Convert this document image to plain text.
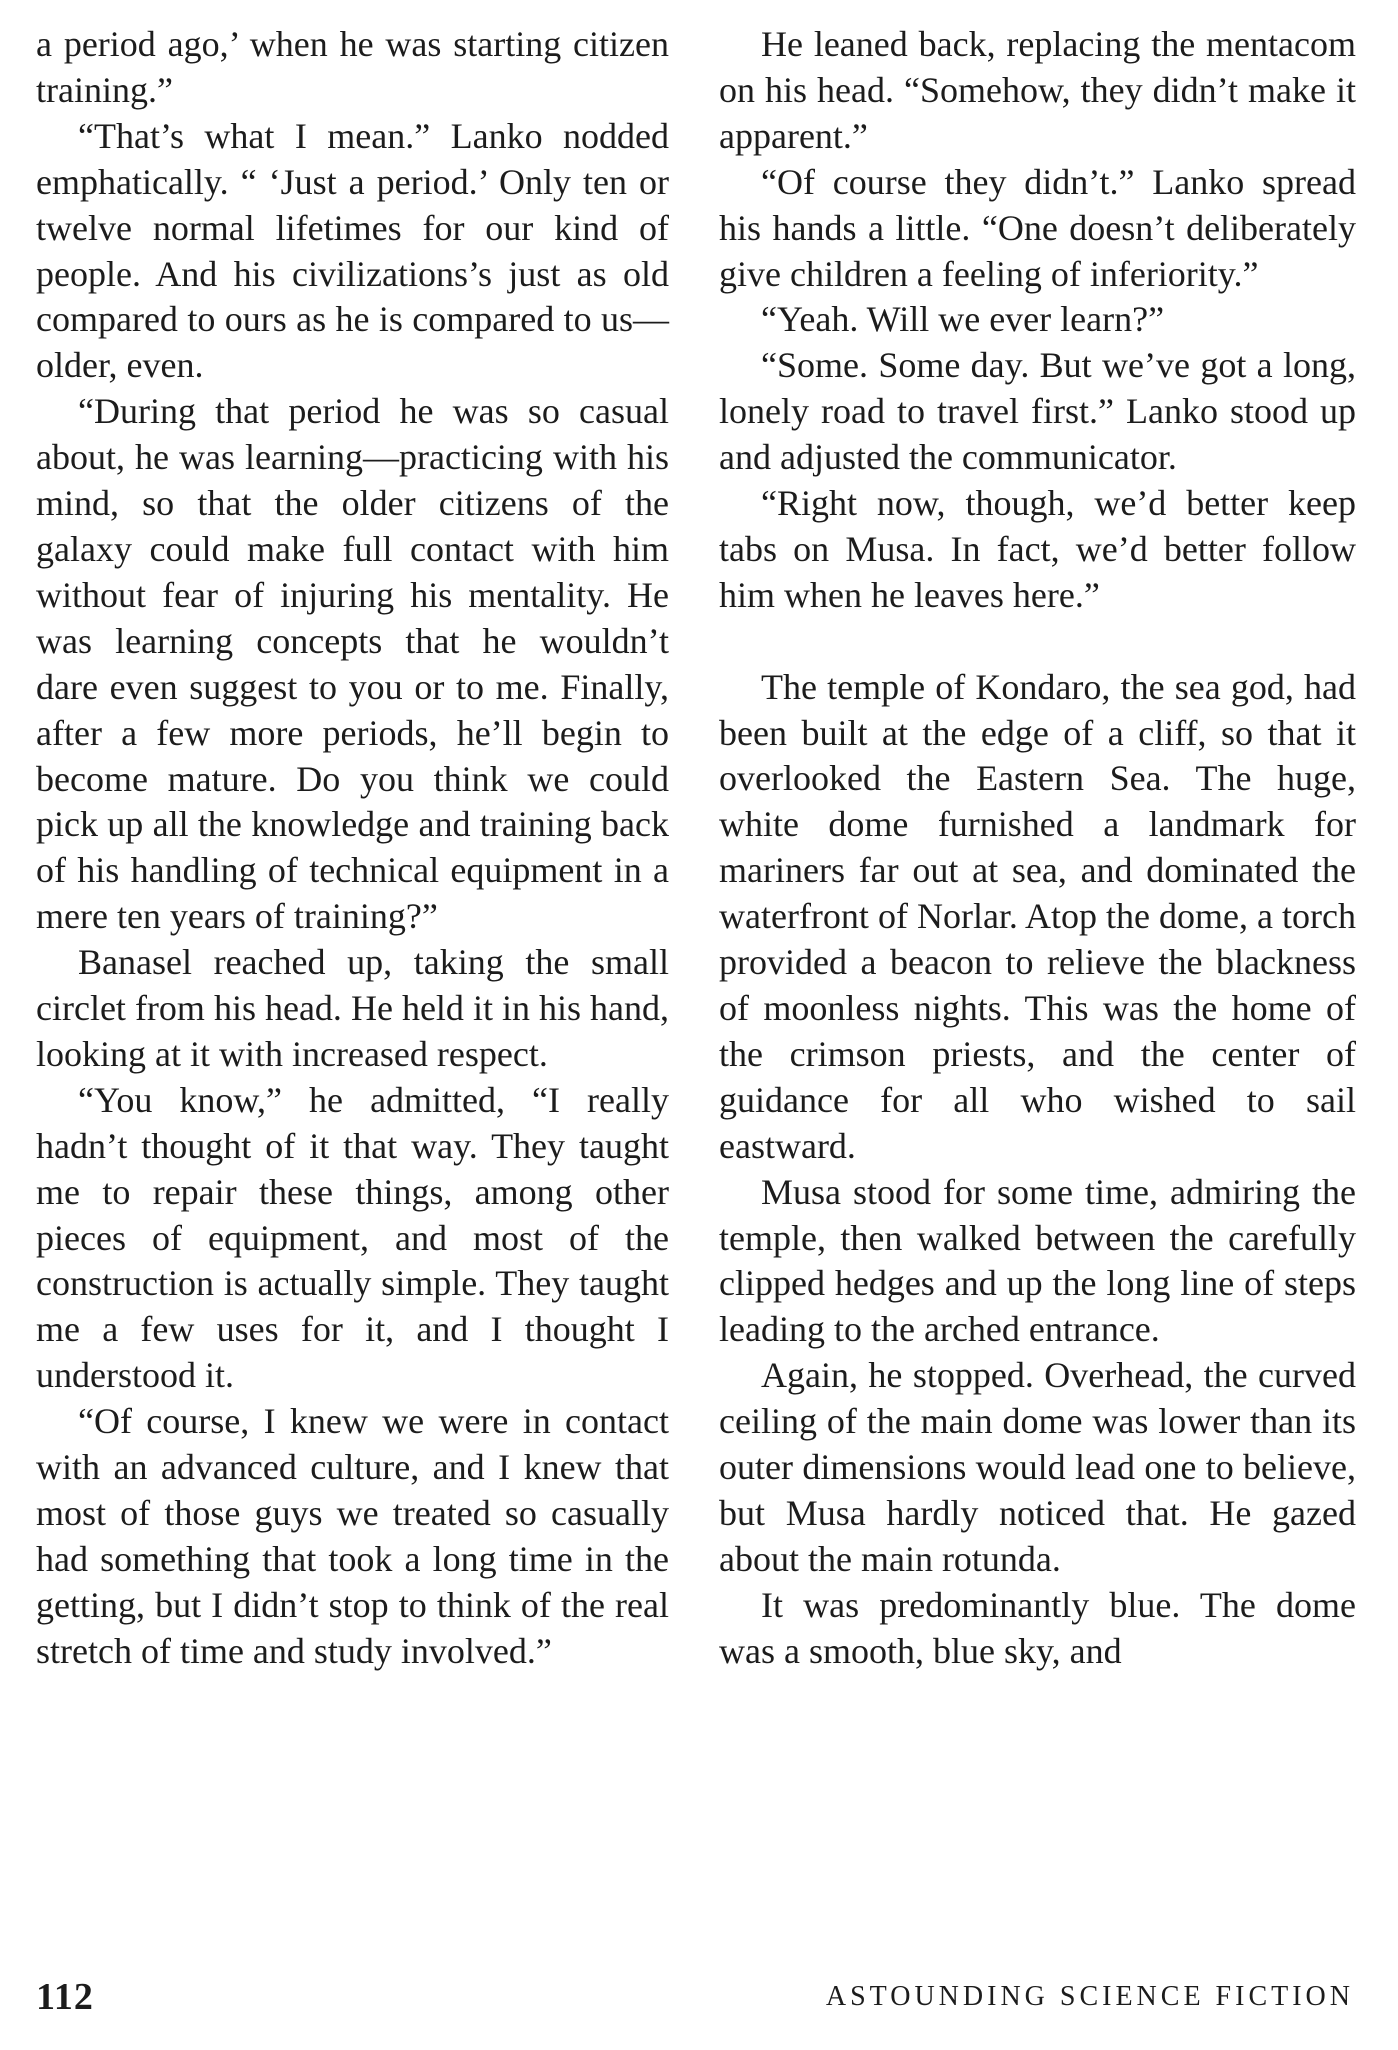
a period ago,’ when he was starting citizen training.”

“That’s what I mean.” Lanko nodded emphatically. “ ‘Just a period.’ Only ten or twelve normal lifetimes for our kind of people. And his civilizations’s just as old compared to ours as he is compared to us—older, even.

“During that period he was so casual about, he was learning—practicing with his mind, so that the older citizens of the galaxy could make full contact with him without fear of injuring his mentality. He was learning concepts that he wouldn’t dare even suggest to you or to me. Finally, after a few more periods, he’ll begin to become mature. Do you think we could pick up all the knowledge and training back of his handling of technical equipment in a mere ten years of training?”

Banasel reached up, taking the small circlet from his head. He held it in his hand, looking at it with increased respect.

“You know,” he admitted, “I really hadn’t thought of it that way. They taught me to repair these things, among other pieces of equipment, and most of the construction is actually simple. They taught me a few uses for it, and I thought I understood it.

“Of course, I knew we were in contact with an advanced culture, and I knew that most of those guys we treated so casually had something that took a long time in the getting, but I didn’t stop to think of the real stretch of time and study involved.”

He leaned back, replacing the mentacom on his head. “Somehow, they didn’t make it apparent.”

“Of course they didn’t.” Lanko spread his hands a little. “One doesn’t deliberately give children a feeling of inferiority.”

“Yeah. Will we ever learn?”

“Some. Some day. But we’ve got a long, lonely road to travel first.” Lanko stood up and adjusted the communicator.

“Right now, though, we’d better keep tabs on Musa. In fact, we’d better follow him when he leaves here.”

The temple of Kondaro, the sea god, had been built at the edge of a cliff, so that it overlooked the Eastern Sea. The huge, white dome furnished a landmark for mariners far out at sea, and dominated the waterfront of Norlar. Atop the dome, a torch provided a beacon to relieve the blackness of moonless nights. This was the home of the crimson priests, and the center of guidance for all who wished to sail eastward.

Musa stood for some time, admiring the temple, then walked between the carefully clipped hedges and up the long line of steps leading to the arched entrance.

Again, he stopped. Overhead, the curved ceiling of the main dome was lower than its outer dimensions would lead one to believe, but Musa hardly noticed that. He gazed about the main rotunda.

It was predominantly blue. The dome was a smooth, blue sky, and

112	ASTOUNDING SCIENCE FICTION
